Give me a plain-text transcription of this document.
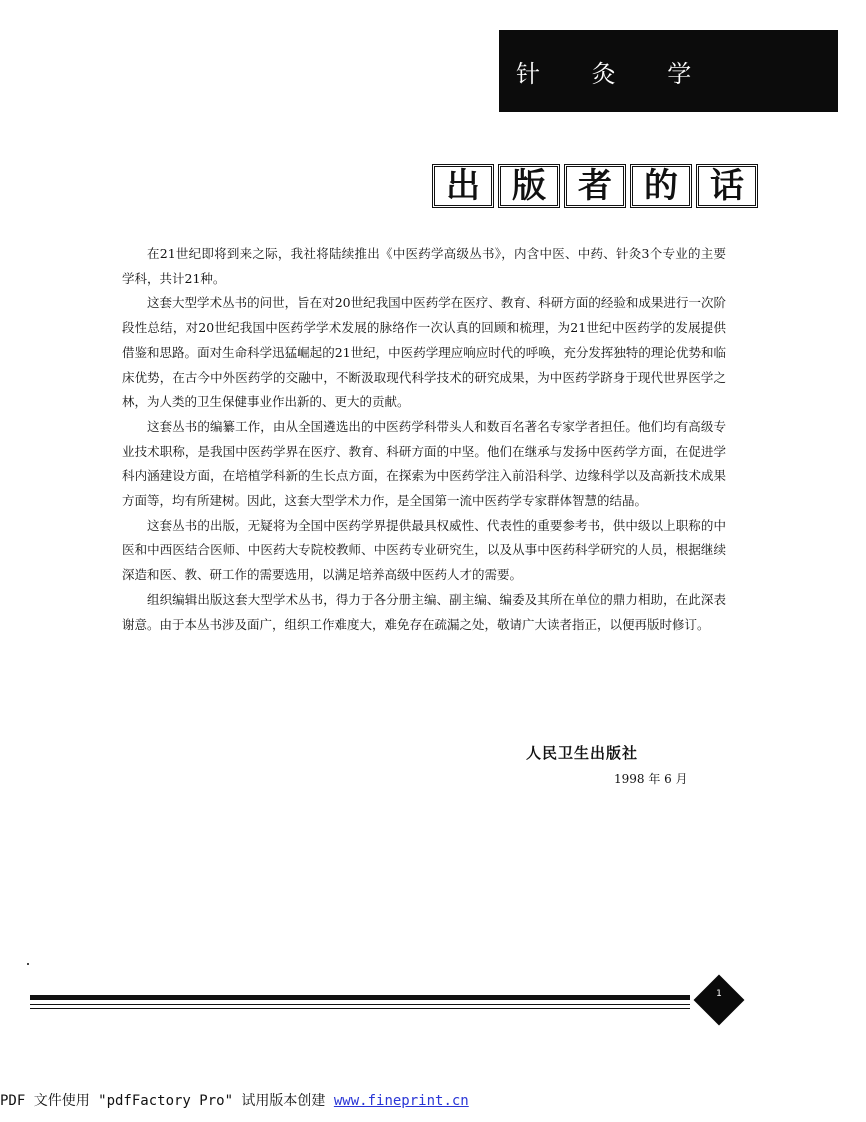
针 灸 学
出 版 者 的 话

在21世纪即将到来之际，我社将陆续推出《中医药学高级丛书》，内含中医、中药、针灸3个专业的主要学科，共计21种。

这套大型学术丛书的问世，旨在对20世纪我国中医药学在医疗、教育、科研方面的经验和成果进行一次阶段性总结，对20世纪我国中医药学学术发展的脉络作一次认真的回顾和梳理，为21世纪中医药学的发展提供借鉴和思路。面对生命科学迅猛崛起的21世纪，中医药学理应响应时代的呼唤，充分发挥独特的理论优势和临床优势，在古今中外医药学的交融中，不断汲取现代科学技术的研究成果，为中医药学跻身于现代世界医学之林，为人类的卫生保健事业作出新的、更大的贡献。

这套丛书的编纂工作，由从全国遴选出的中医药学科带头人和数百名著名专家学者担任。他们均有高级专业技术职称，是我国中医药学界在医疗、教育、科研方面的中坚。他们在继承与发扬中医药学方面，在促进学科内涵建设方面，在培植学科新的生长点方面，在探索为中医药学注入前沿科学、边缘科学以及高新技术成果方面等，均有所建树。因此，这套大型学术力作，是全国第一流中医药学专家群体智慧的结晶。

这套丛书的出版，无疑将为全国中医药学界提供最具权威性、代表性的重要参考书，供中级以上职称的中医和中西医结合医师、中医药大专院校教师、中医药专业研究生，以及从事中医药科学研究的人员，根据继续深造和医、教、研工作的需要选用，以满足培养高级中医药人才的需要。

组织编辑出版这套大型学术丛书，得力于各分册主编、副主编、编委及其所在单位的鼎力相助，在此深表谢意。由于本丛书涉及面广，组织工作难度大，难免存在疏漏之处，敬请广大读者指正，以便再版时修订。

人民卫生出版社
1998 年 6 月
1
PDF 文件使用 "pdfFactory Pro" 试用版本创建 www.fineprint.cn
